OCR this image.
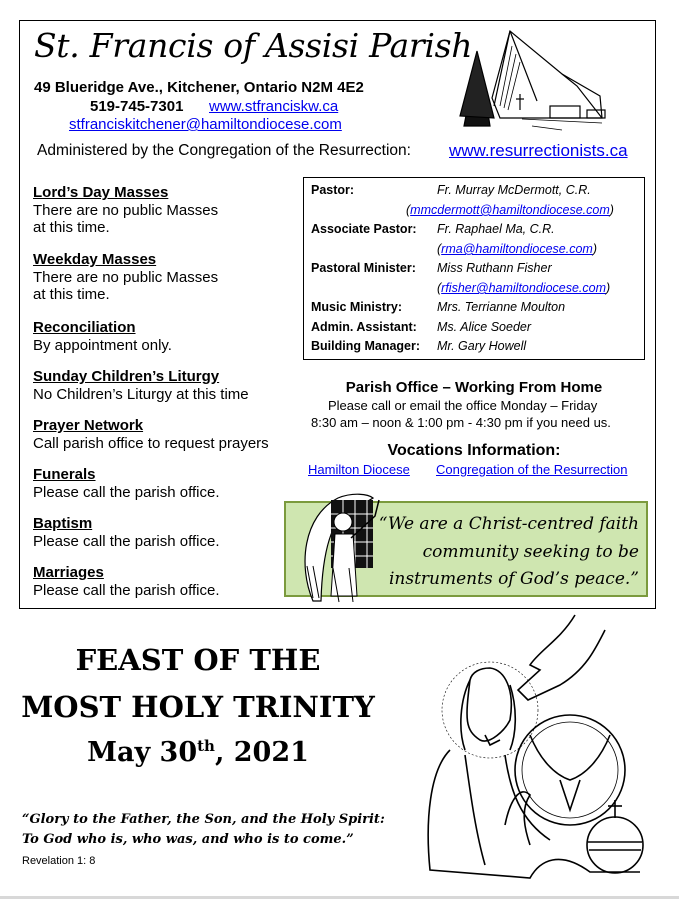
St. Francis of Assisi Parish
49 Blueridge Ave., Kitchener, Ontario N2M 4E2
519-745-7301 www.stfranciskw.ca
stfranciskitchener@hamiltondiocese.com
Administered by the Congregation of the Resurrection: www.resurrectionists.ca
Lord’s Day Masses
There are no public Masses
at this time.
Weekday Masses
There are no public Masses
at this time.
Reconciliation
By appointment only.
Sunday Children’s Liturgy
No Children’s Liturgy at this time
Prayer Network
Call parish office to request prayers
Funerals
Please call the parish office.
Baptism
Please call the parish office.
Marriages
Please call the parish office.
Pastor:	Fr. Murray McDermott, C.R.
(mmcdermott@hamiltondiocese.com)
Associate Pastor: Fr. Raphael Ma, C.R.
(rma@hamiltondiocese.com)
Pastoral Minister: Miss Ruthann Fisher
(rfisher@hamiltondiocese.com)
Music Ministry:	Mrs. Terrianne Moulton
Admin. Assistant: Ms. Alice Soeder
Building Manager: Mr. Gary Howell
Parish Office – Working From Home
Please call or email the office Monday – Friday
8:30 am – noon & 1:00 pm - 4:30 pm if you need us.
Vocations Information:
Hamilton Diocese Congregation of the Resurrection
“We are a Christ-centred faith
community seeking to be
instruments of God’s peace.”
FEAST OF THE
MOST HOLY TRINITY
May 30th, 2021
“Glory to the Father, the Son, and the Holy Spirit:
To God who is, who was, and who is to come.”
Revelation 1: 8
